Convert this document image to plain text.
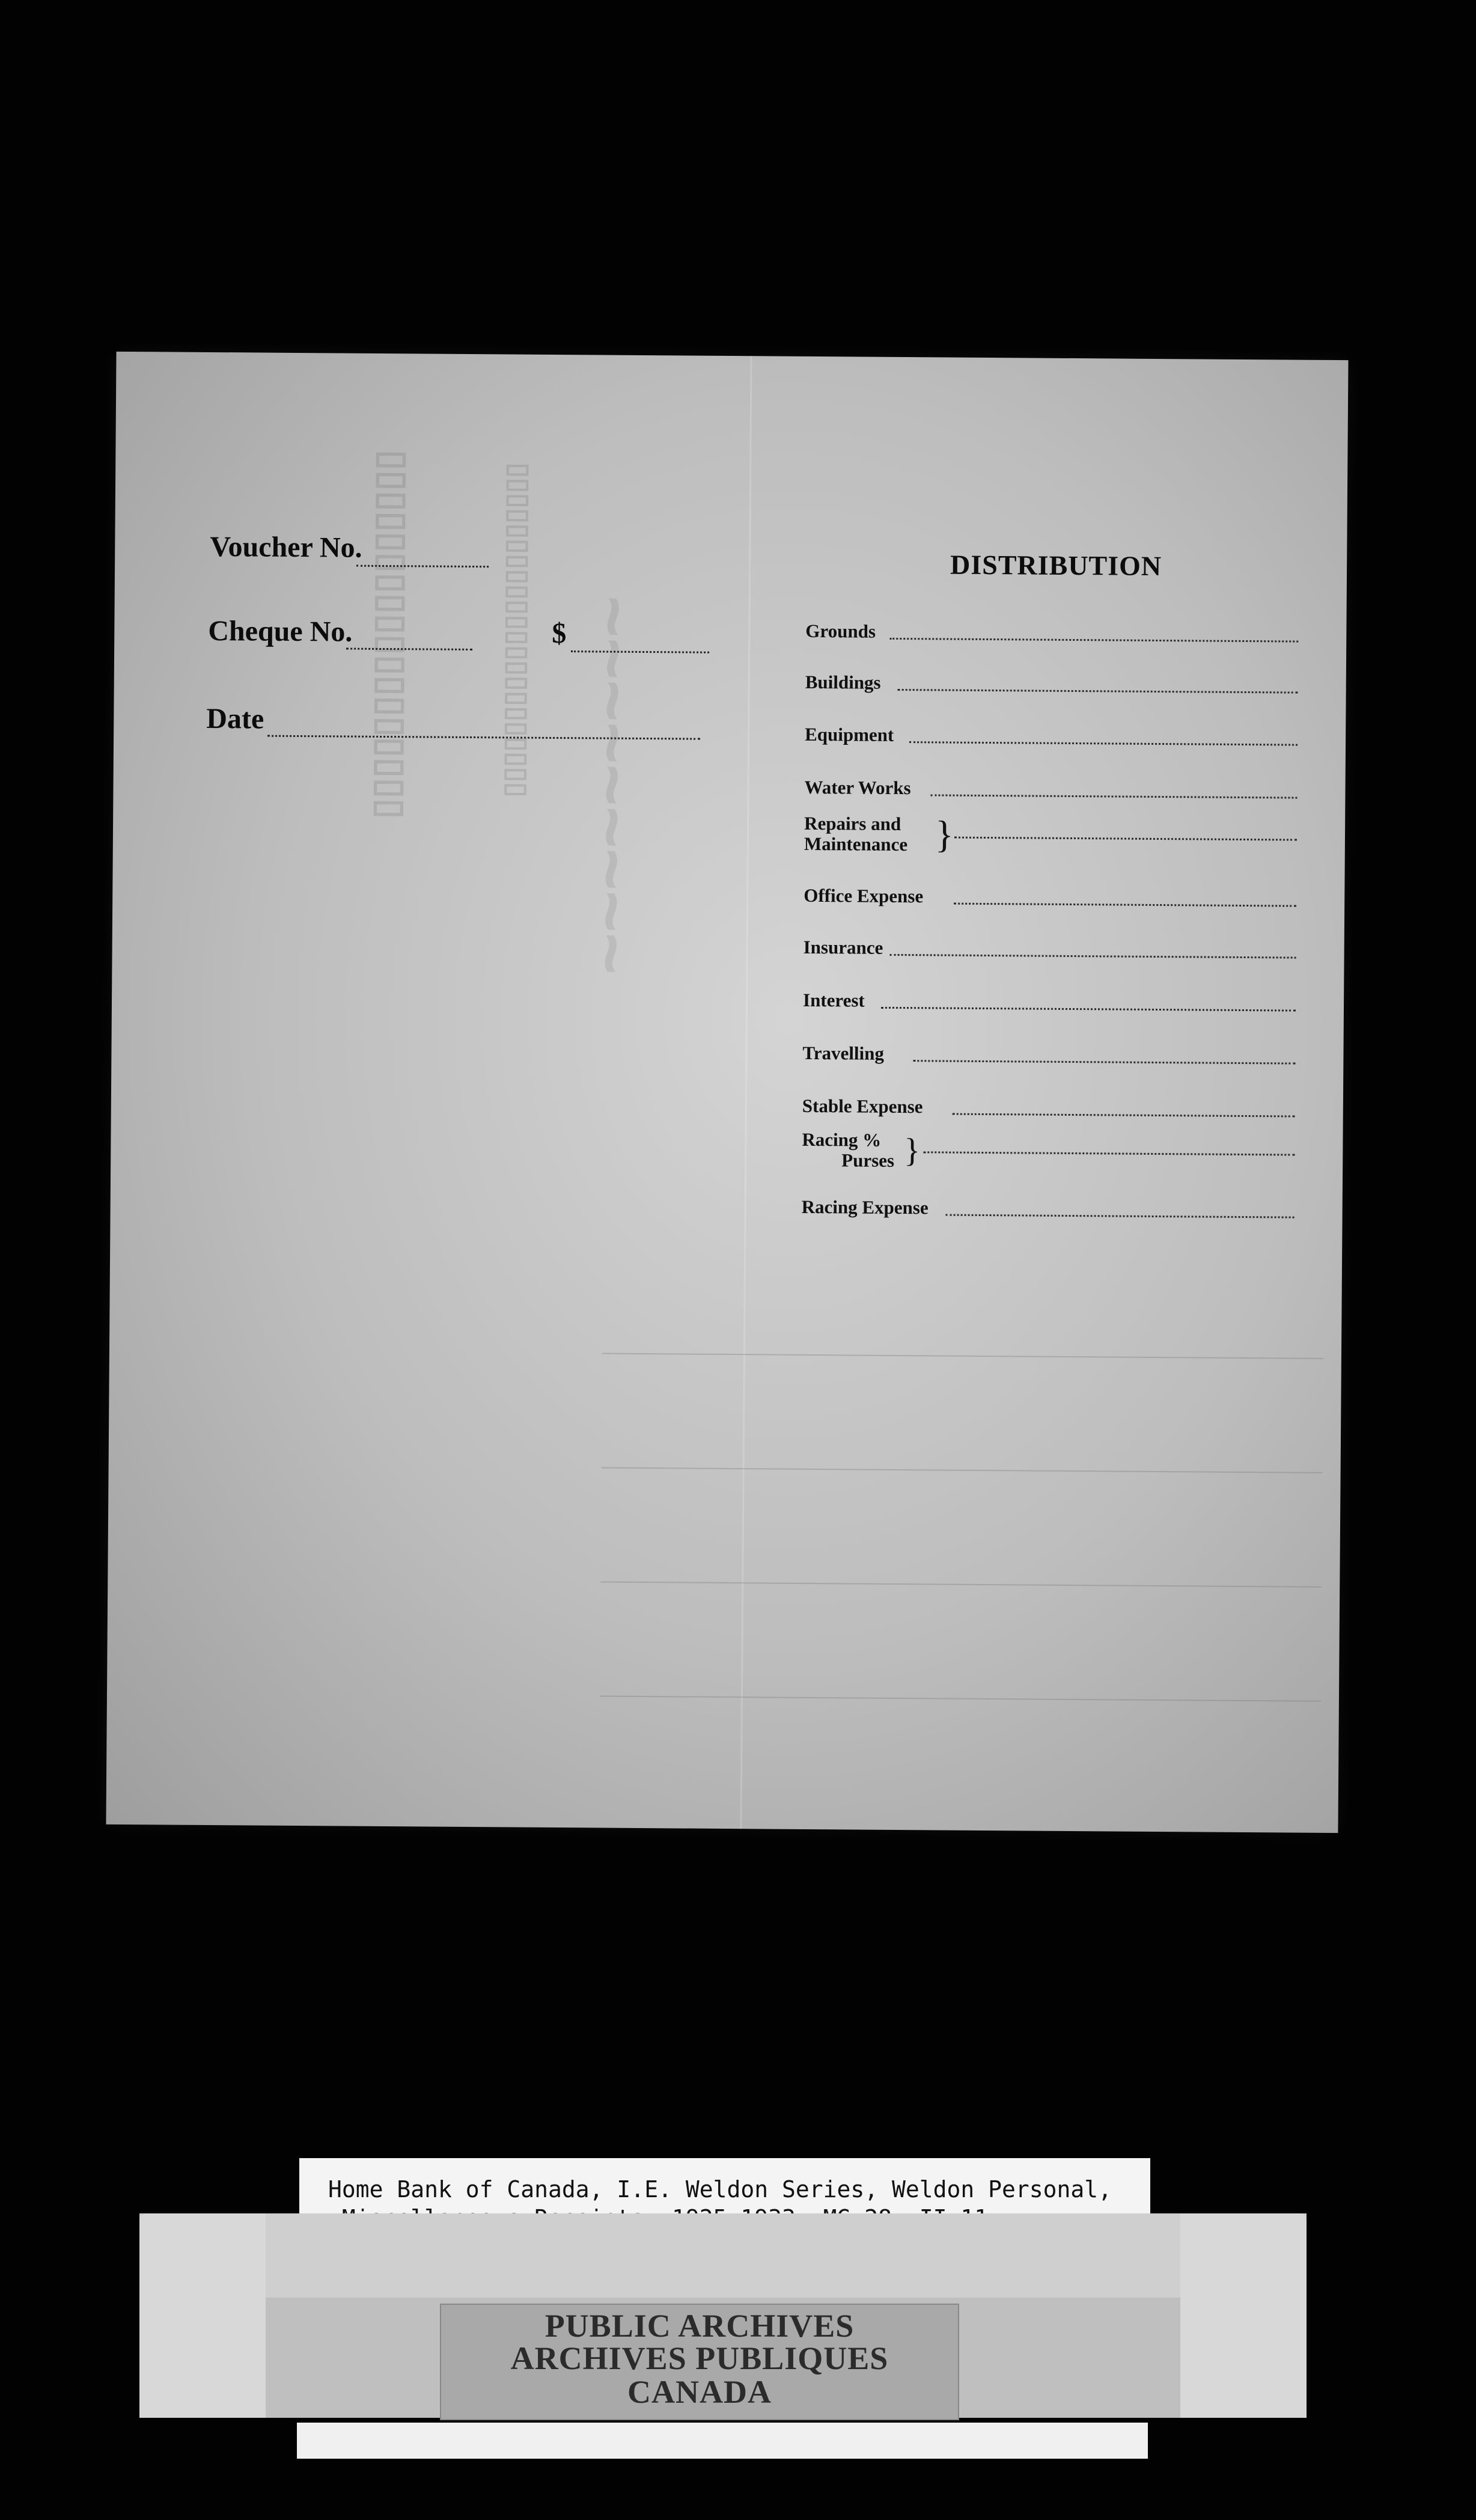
▯▯▯▯▯▯▯▯▯▯▯▯▯▯▯▯▯▯	▯▯▯▯▯▯▯▯▯▯▯▯▯▯▯▯▯▯▯▯▯▯ ~~~~~~~~~
Voucher No.
Cheque No.	$
Date
DISTRIBUTION
Grounds
Buildings
Equipment
Water Works
Repairs and
Maintenance }
Office Expense
Insurance
Interest
Travelling
Stable Expense
Racing %
Purses }
Racing Expense
Home Bank of Canada, I.E. Weldon Series, Weldon Personal,

PUBLIC ARCHIVES
ARCHIVES PUBLIQUES
CANADA
